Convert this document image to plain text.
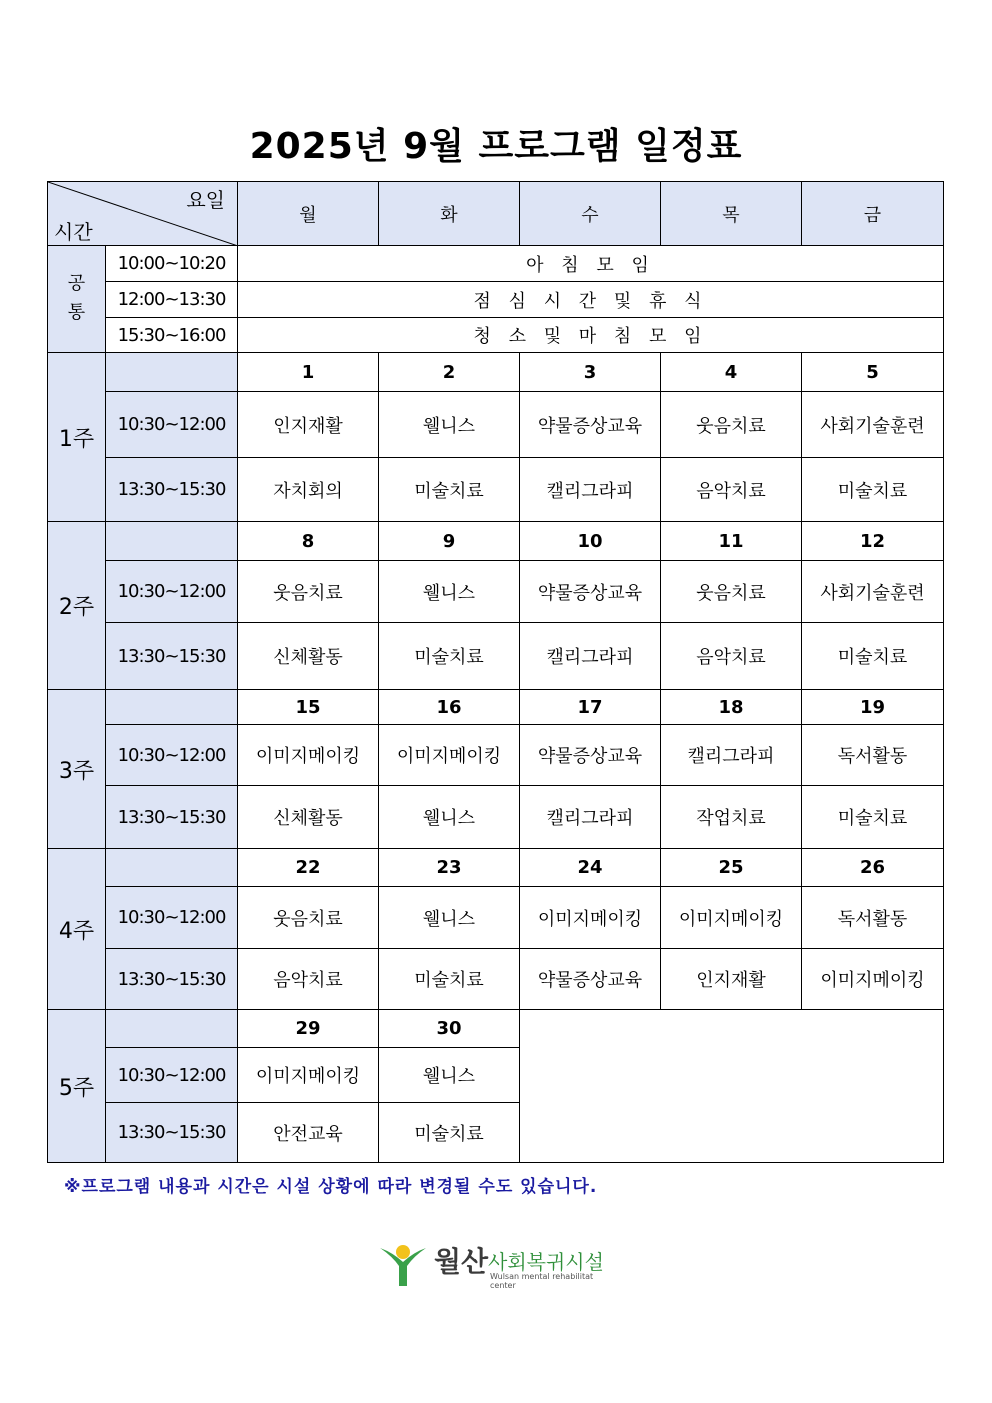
2025년 9월 프로그램 일정표
요일
시간		월	화	수	목	금
공
통	10:00~10:20	아 침 모 임				
	12:00~13:30	점 심 시 간 및 휴 식				
	15:30~16:00	청 소 및 마 침 모 임				
1주		1	2	3	4	5
	10:30~12:00	인지재활	웰니스	약물증상교육	웃음치료	사회기술훈련
	13:30~15:30	자치회의	미술치료	캘리그라피	음악치료	미술치료
2주		8	9	10	11	12
	10:30~12:00	웃음치료	웰니스	약물증상교육	웃음치료	사회기술훈련
	13:30~15:30	신체활동	미술치료	캘리그라피	음악치료	미술치료
3주		15	16	17	18	19
	10:30~12:00	이미지메이킹	이미지메이킹	약물증상교육	캘리그라피	독서활동
	13:30~15:30	신체활동	웰니스	캘리그라피	작업치료	미술치료
4주		22	23	24	25	26
	10:30~12:00	웃음치료	웰니스	이미지메이킹	이미지메이킹	독서활동
	13:30~15:30	음악치료	미술치료	약물증상교육	인지재활	이미지메이킹
5주		29	30			
	10:30~12:00	이미지메이킹	웰니스			
	13:30~15:30	안전교육	미술치료			
※프로그램 내용과 시간은 시설 상황에 따라 변경될 수도 있습니다.
월산 사회복귀시설
Wulsan mental rehabilitat center
